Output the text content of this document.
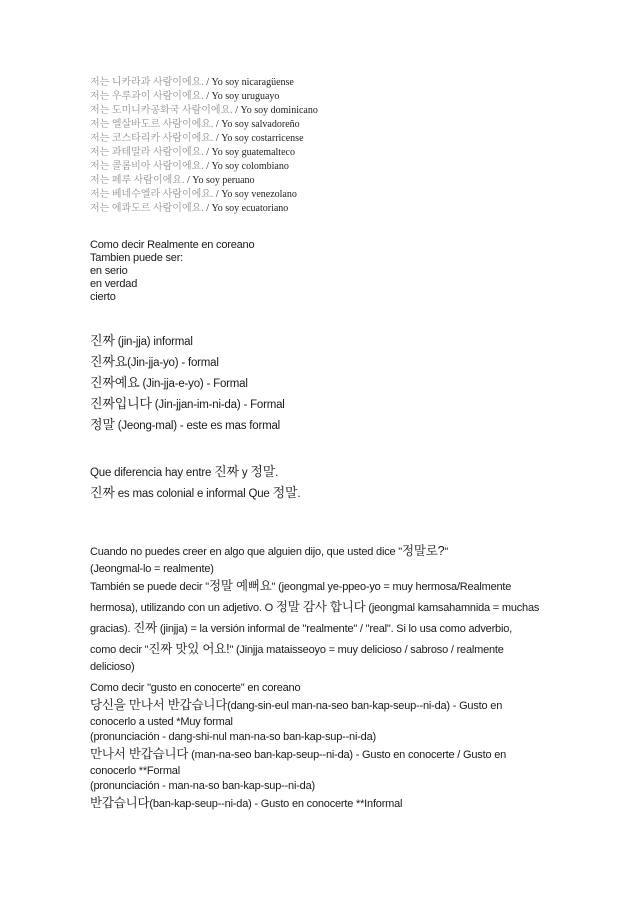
저는 니카라과 사람이에요. / Yo soy nicaragüense
저는 우루과이 사람이에요. / Yo soy uruguayo
저는 도미니카공화국 사람이에요. / Yo soy dominicano
저는 엘살바도르 사람이에요. / Yo soy salvadoreño
저는 코스타리카 사람이에요. / Yo soy costarricense
저는 과테말라 사람이에요. / Yo soy guatemalteco
저는 콜롬비아 사람이에요. / Yo soy colombiano
저는 페루 사람이에요. / Yo soy peruano
저는 베네수엘라 사람이에요. / Yo soy venezolano
저는 에콰도르 사람이에요. / Yo soy ecuatoriano
Como decir Realmente en coreano
Tambien puede ser:
en serio
en verdad
cierto
진짜 (jin-jja) informal
진짜요(Jin-jja-yo) - formal
진짜예요 (Jin-jja-e-yo) - Formal
진짜입니다 (Jin-jjan-im-ni-da) - Formal
정말 (Jeong-mal) - este es mas formal
Que diferencia hay entre 진짜 y 정말.
진짜 es mas colonial e informal Que 정말.
Cuando no puedes creer en algo que alguien dijo, que usted dice "정말로?"
(Jeongmal-lo = realmente)
También se puede decir "정말 예뻐요" (jeongmal ye-ppeo-yo = muy hermosa/Realmente
hermosa), utilizando con un adjetivo. O 정말 감사 합니다 (jeongmal kamsahamnida = muchas
gracias). 진짜 (jinjja) = la versión informal de "realmente" / "real". Si lo usa como adverbio,
como decir "진짜 맛있 어요!" (Jinjja mataisseoyo = muy delicioso / sabroso / realmente
delicioso)
Como decir "gusto en conocerte" en coreano
당신을 만나서 반갑습니다(dang-sin-eul man-na-seo ban-kap-seup--ni-da) - Gusto en
conocerlo a usted *Muy formal
(pronunciación - dang-shi-nul man-na-so ban-kap-sup--ni-da)
만나서 반갑습니다 (man-na-seo ban-kap-seup--ni-da) - Gusto en conocerte / Gusto en
conocerlo **Formal
(pronunciación - man-na-so ban-kap-sup--ni-da)
반갑습니다(ban-kap-seup--ni-da) - Gusto en conocerte **Informal
